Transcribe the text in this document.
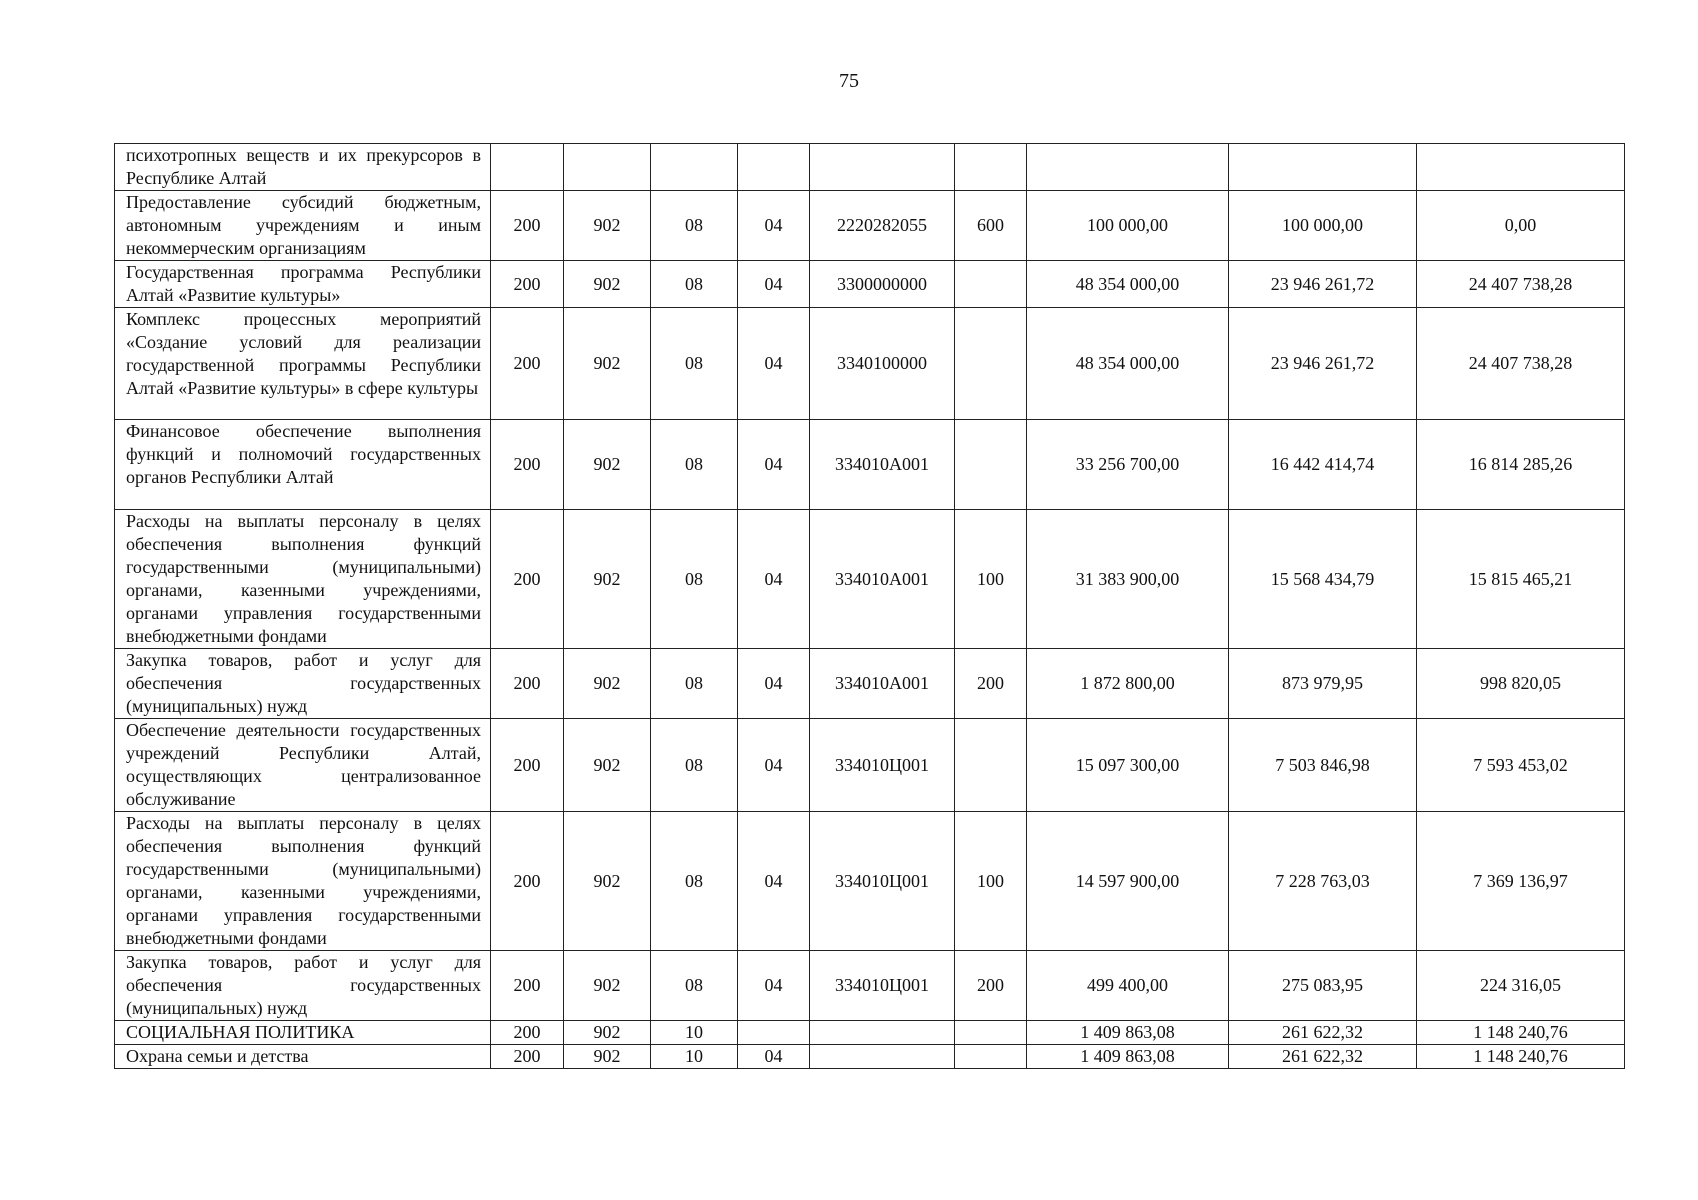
75
психотропных веществ и их прекурсоров в Республике Алтай									
Предоставление субсидий бюджетным, автономным учреждениям и иным некоммерческим организациям	200	902	08	04	2220282055	600	100 000,00	100 000,00	0,00
Государственная программа Республики Алтай «Развитие культуры»	200	902	08	04	3300000000		48 354 000,00	23 946 261,72	24 407 738,28
Комплекс процессных мероприятий «Создание условий для реализации государственной программы Республики Алтай «Развитие культуры» в сфере культуры	200	902	08	04	3340100000		48 354 000,00	23 946 261,72	24 407 738,28
Финансовое обеспечение выполнения функций и полномочий государственных органов Республики Алтай	200	902	08	04	334010А001		33 256 700,00	16 442 414,74	16 814 285,26
Расходы на выплаты персоналу в целях обеспечения выполнения функций государственными (муниципальными) органами, казенными учреждениями, органами управления государственными внебюджетными фондами	200	902	08	04	334010А001	100	31 383 900,00	15 568 434,79	15 815 465,21
Закупка товаров, работ и услуг для обеспечения государственных (муниципальных) нужд	200	902	08	04	334010А001	200	1 872 800,00	873 979,95	998 820,05
Обеспечение деятельности государственных учреждений Республики Алтай, осуществляющих централизованное обслуживание	200	902	08	04	334010Ц001		15 097 300,00	7 503 846,98	7 593 453,02
Расходы на выплаты персоналу в целях обеспечения выполнения функций государственными (муниципальными) органами, казенными учреждениями, органами управления государственными внебюджетными фондами	200	902	08	04	334010Ц001	100	14 597 900,00	7 228 763,03	7 369 136,97
Закупка товаров, работ и услуг для обеспечения государственных (муниципальных) нужд	200	902	08	04	334010Ц001	200	499 400,00	275 083,95	224 316,05
СОЦИАЛЬНАЯ ПОЛИТИКА	200	902	10				1 409 863,08	261 622,32	1 148 240,76
Охрана семьи и детства	200	902	10	04			1 409 863,08	261 622,32	1 148 240,76
